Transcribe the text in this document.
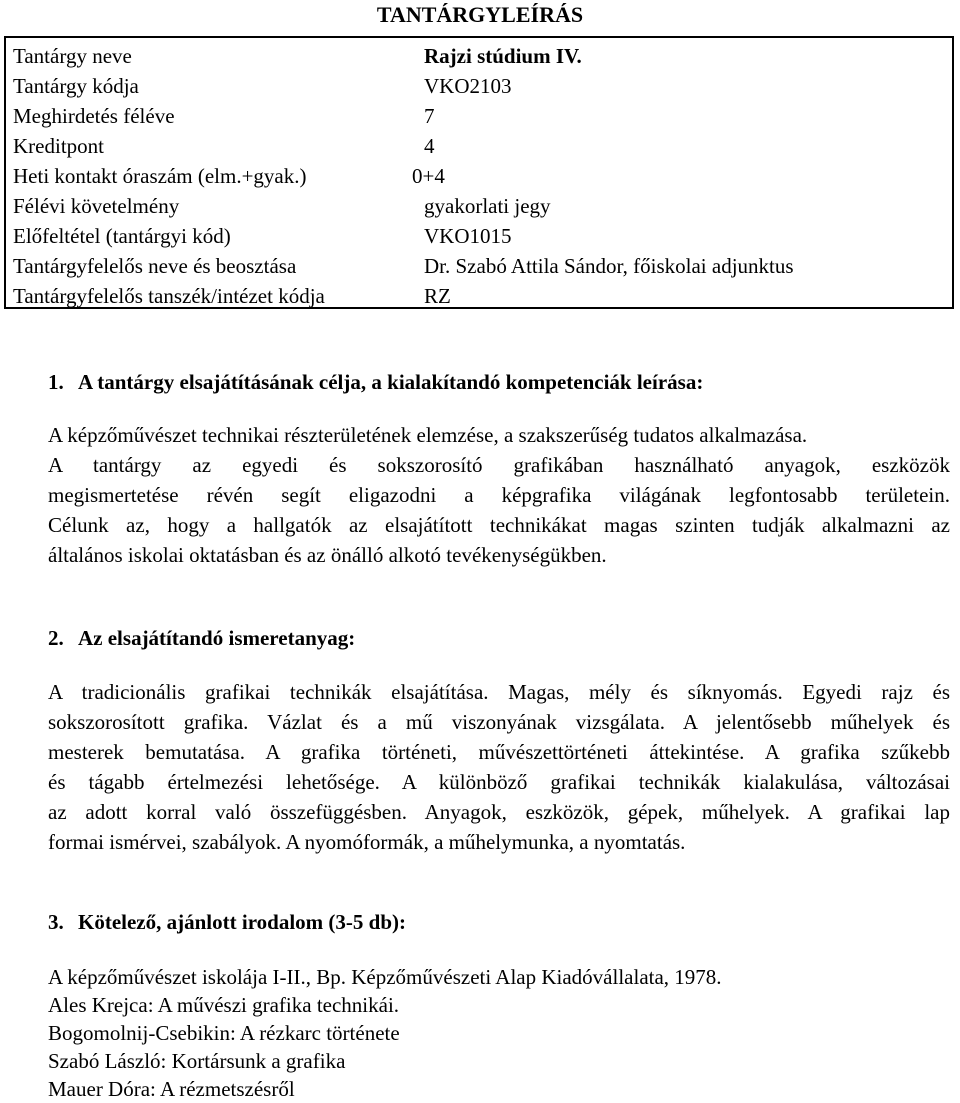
TANTÁRGYLEÍRÁS
Tantárgy neve	Rajzi stúdium IV.
Tantárgy kódja	VKO2103
Meghirdetés féléve	7
Kreditpont	4
Heti kontakt óraszám (elm.+gyak.)	0+4
Félévi követelmény	gyakorlati jegy
Előfeltétel (tantárgyi kód)	VKO1015
Tantárgyfelelős neve és beosztása	Dr. Szabó Attila Sándor, főiskolai adjunktus
Tantárgyfelelős tanszék/intézet kódja	RZ
1. A tantárgy elsajátításának célja, a kialakítandó kompetenciák leírása:
A képzőművészet technikai részterületének elemzése, a szakszerűség tudatos alkalmazása.
A tantárgy az egyedi és sokszorosító grafikában használható anyagok, eszközök
megismertetése révén segít eligazodni a képgrafika világának legfontosabb területein.
Célunk az, hogy a hallgatók az elsajátított technikákat magas szinten tudják alkalmazni az
általános iskolai oktatásban és az önálló alkotó tevékenységükben.
2. Az elsajátítandó ismeretanyag:
A tradicionális grafikai technikák elsajátítása. Magas, mély és síknyomás. Egyedi rajz és
sokszorosított grafika. Vázlat és a mű viszonyának vizsgálata. A jelentősebb műhelyek és
mesterek bemutatása. A grafika történeti, művészettörténeti áttekintése. A grafika szűkebb
és tágabb értelmezési lehetősége. A különböző grafikai technikák kialakulása, változásai
az adott korral való összefüggésben. Anyagok, eszközök, gépek, műhelyek. A grafikai lap
formai ismérvei, szabályok. A nyomóformák, a műhelymunka, a nyomtatás.
3. Kötelező, ajánlott irodalom (3-5 db):
A képzőművészet iskolája I-II., Bp. Képzőművészeti Alap Kiadóvállalata, 1978.
Ales Krejca: A művészi grafika technikái.
Bogomolnij-Csebikin: A rézkarc története
Szabó László: Kortársunk a grafika
Mauer Dóra: A rézmetszésről
